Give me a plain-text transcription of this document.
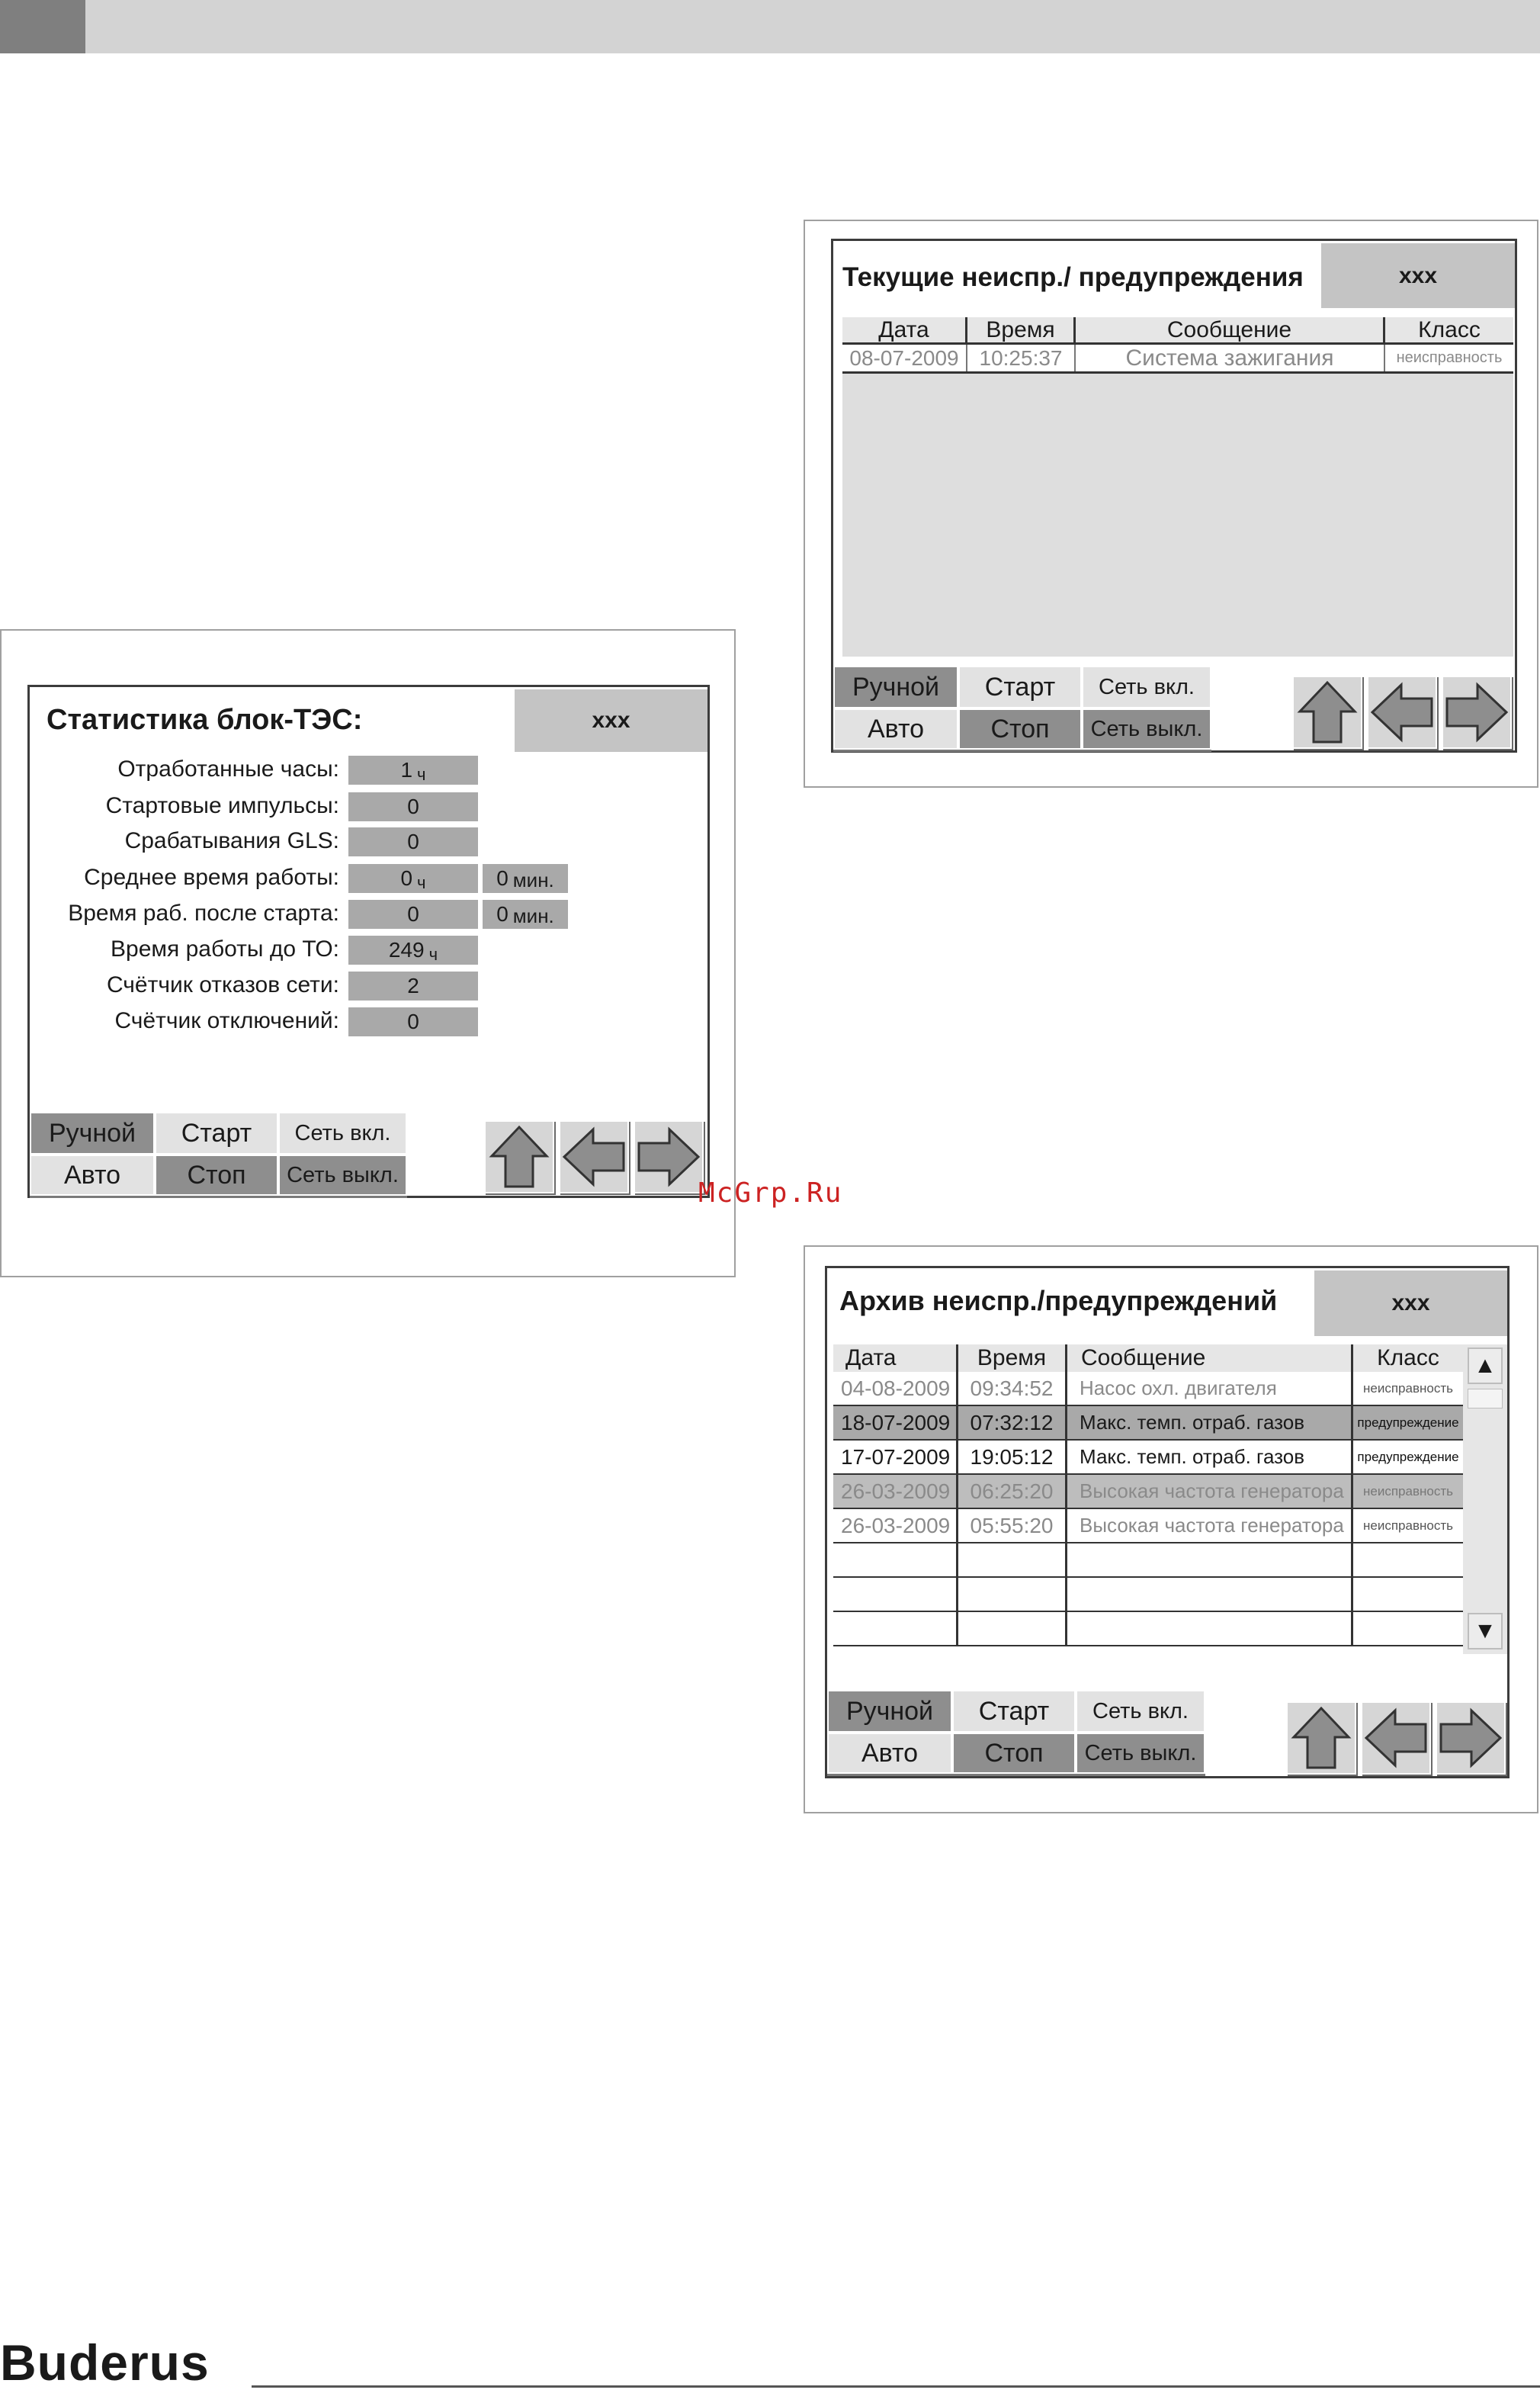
Статистика блок-ТЭС:	xxx
Отработанные часы:	1 ч
Стартовые импульсы:	0
Срабатывания GLS:	0
Среднее время работы:	0 ч	0 мин.
Время раб. после старта:	0	0 мин.
Время работы до ТО: 249 ч
Счётчик отказов сети:	2
Счётчик отключений:	0
Ручной	Старт	Сеть вкл.
Авто	Стоп	Сеть выкл.
Текущие неиспр./ предупреждения	xxx
Дата	Время	Сообщение	Класс
08-07-2009 10:25:37	Система зажигания	неисправность
Ручной	Старт	Сеть вкл.
Авто	Стоп	Сеть выкл.
McGrp.Ru
Архив неиспр./предупреждений	xxx
Дата	Время	Сообщение	Класс
04-08-2009 09:34:52	Насос охл. двигателя	неисправность
18-07-2009 07:32:12	Макс. темп. отраб. газов	предупреждение
17-07-2009 19:05:12	Макс. темп. отраб. газов	предупреждение
26-03-2009 06:25:20	Высокая частота генератора	неисправность
26-03-2009 05:55:20	Высокая частота генератора	неисправность
▲
▼
Ручной	Старт	Сеть вкл.
Авто	Стоп	Сеть выкл.
Buderus
